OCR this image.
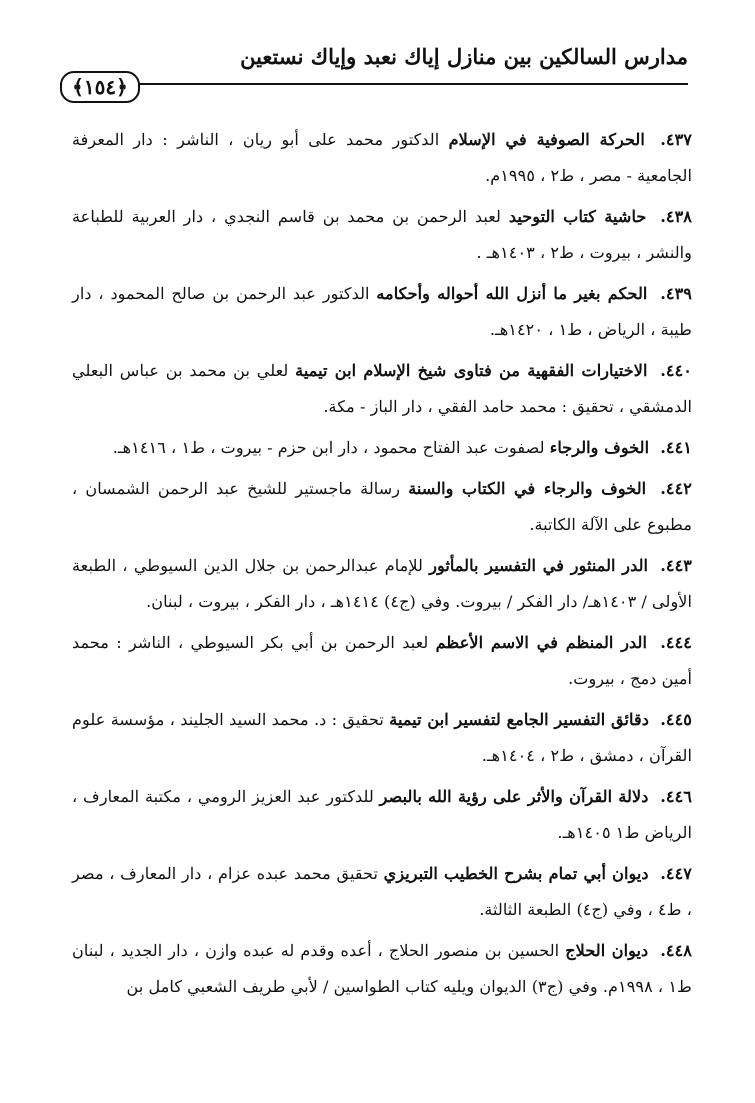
مدارس السالكين بين منازل إياك نعبد وإياك نستعين
﴿١٥٤﴾

٤٣٧. الحركة الصوفية في الإسلام الدكتور محمد على أبو ريان ، الناشر : دار المعرفة الجامعية - مصر ، ط٢ ، ١٩٩٥م.

٤٣٨. حاشية كتاب التوحيد لعبد الرحمن بن محمد بن قاسم النجدي ، دار العربية للطباعة والنشر ، بيروت ، ط٢ ، ١٤٠٣هـ .

٤٣٩. الحكم بغير ما أنزل الله أحواله وأحكامه الدكتور عبد الرحمن بن صالح المحمود ، دار طيبة ، الرياض ، ط١ ، ١٤٢٠هـ.

٤٤٠. الاختيارات الفقهية من فتاوى شيخ الإسلام ابن تيمية لعلي بن محمد بن عباس البعلي الدمشقي ، تحقيق : محمد حامد الفقي ، دار الباز - مكة.

٤٤١. الخوف والرجاء لصفوت عبد الفتاح محمود ، دار ابن حزم - بيروت ، ط١ ، ١٤١٦هـ.

٤٤٢. الخوف والرجاء في الكتاب والسنة رسالة ماجستير للشيخ عبد الرحمن الشمسان ، مطبوع على الآلة الكاتبة.

٤٤٣. الدر المنثور في التفسير بالمأثور للإمام عبدالرحمن بن جلال الدين السيوطي ، الطبعة الأولى / ١٤٠٣هـ/ دار الفكر / بيروت. وفي (ج٤) ١٤١٤هـ ، دار الفكر ، بيروت ، لبنان.

٤٤٤. الدر المنظم في الاسم الأعظم لعبد الرحمن بن أبي بكر السيوطي ، الناشر : محمد أمين دمج ، بيروت.

٤٤٥. دقائق التفسير الجامع لتفسير ابن تيمية تحقيق : د. محمد السيد الجليند ، مؤسسة علوم القرآن ، دمشق ، ط٢ ، ١٤٠٤هـ.

٤٤٦. دلالة القرآن والأثر على رؤية الله بالبصر للدكتور عبد العزيز الرومي ، مكتبة المعارف ، الرياض ط١ ١٤٠٥هـ.

٤٤٧. ديوان أبي تمام بشرح الخطيب التبريزي تحقيق محمد عبده عزام ، دار المعارف ، مصر ، ط٤ ، وفي (ج٤) الطبعة الثالثة.

٤٤٨. ديوان الحلاج الحسين بن منصور الحلاج ، أعده وقدم له عبده وازن ، دار الجديد ، لبنان ط١ ، ١٩٩٨م. وفي (ج٣) الديوان ويليه كتاب الطواسين / لأبي طريف الشعبي كامل بن
